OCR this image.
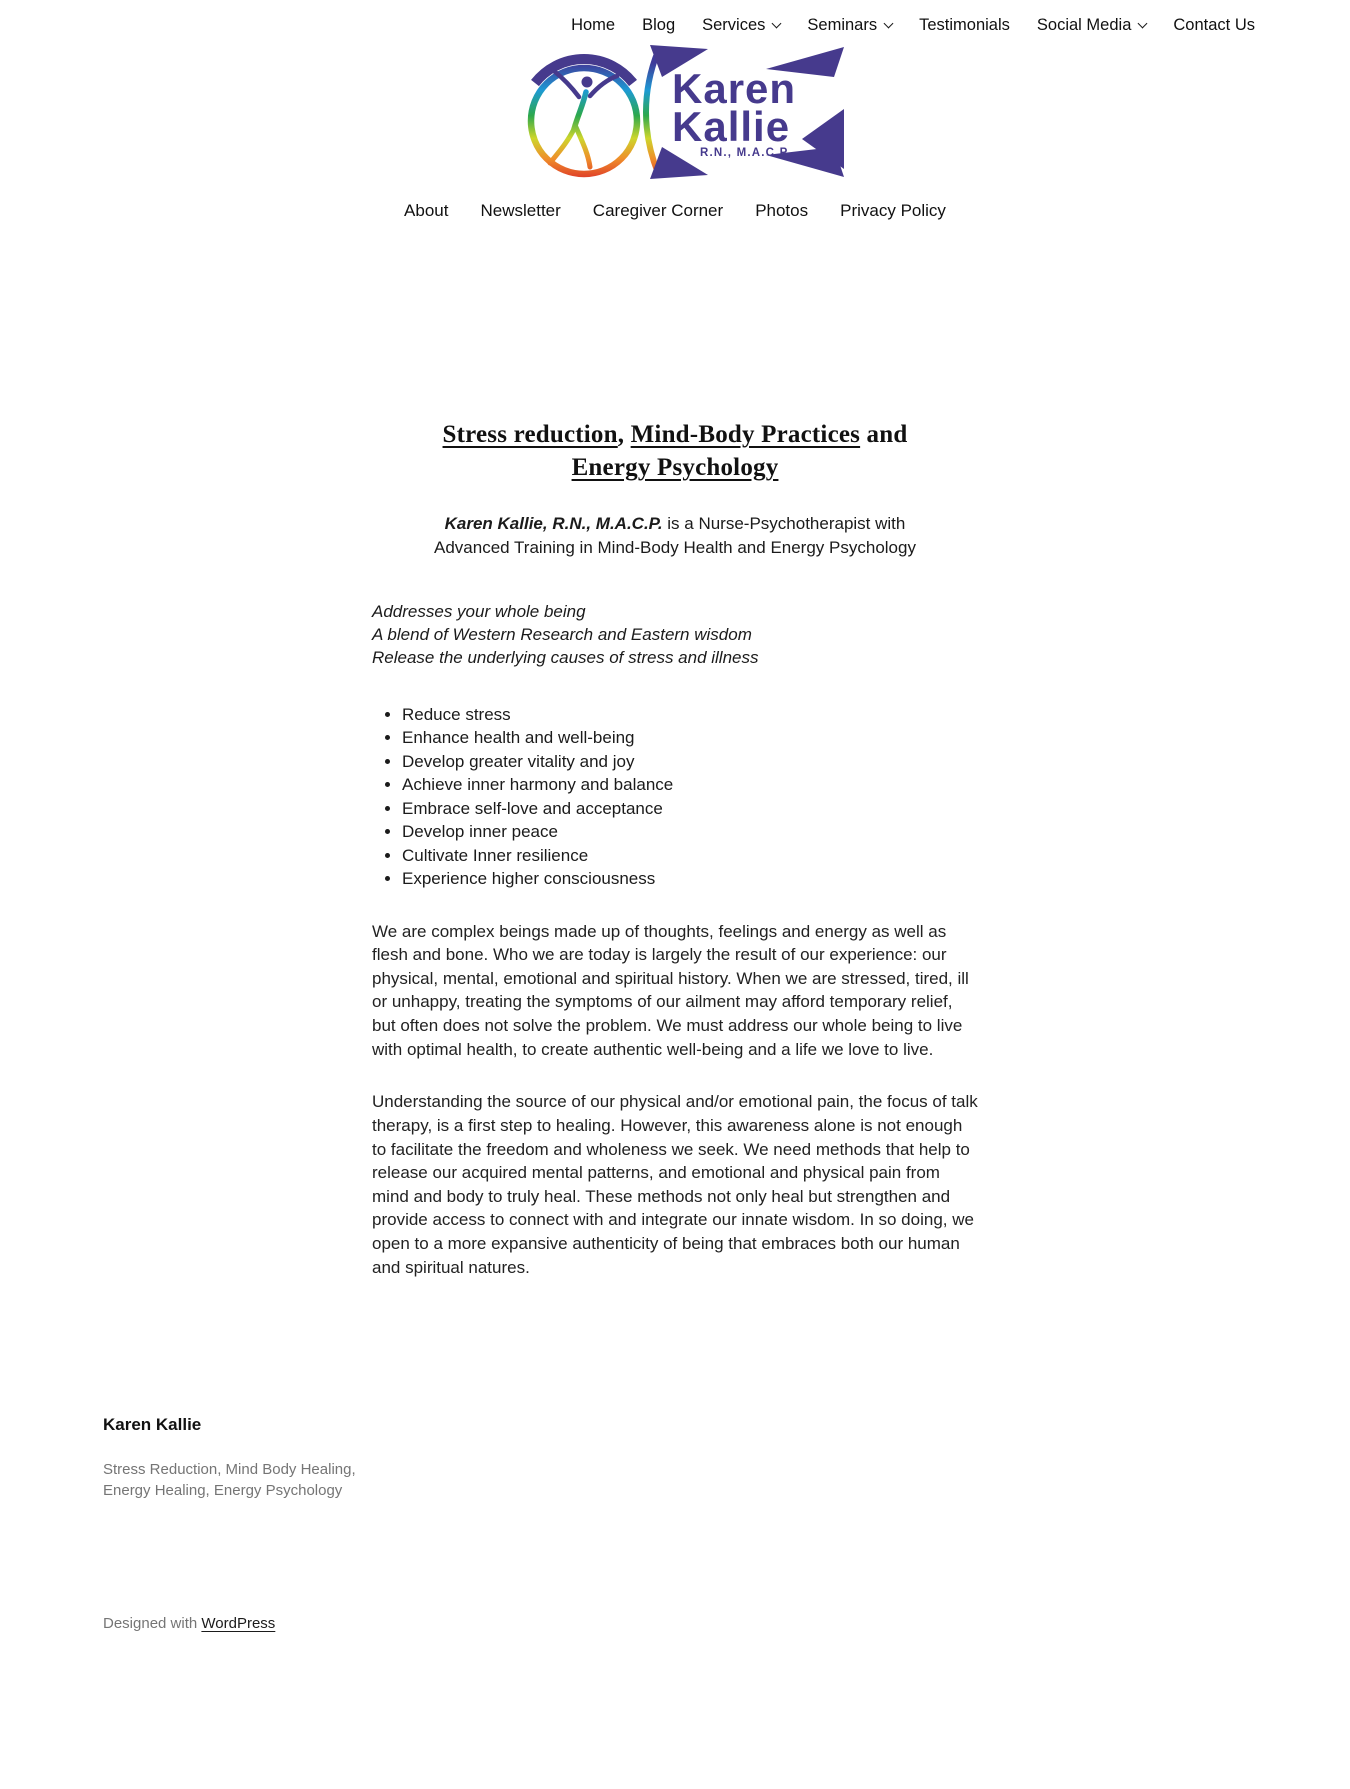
Home Blog Services	Seminars	Testimonials Social Media	Contact Us
Karen
Kallie
R.N., M.A.C.P
About Newsletter Caregiver Corner Photos Privacy Policy
Stress reduction, Mind-Body Practices and Energy Psychology

Karen Kallie, R.N., M.A.C.P. is a Nurse-Psychotherapist with Advanced Training in Mind-Body Health and Energy Psychology

Addresses your whole being
A blend of Western Research and Eastern wisdom
Release the underlying causes of stress and illness
• Reduce stress
• Enhance health and well-being
• Develop greater vitality and joy
• Achieve inner harmony and balance
• Embrace self-love and acceptance
• Develop inner peace
• Cultivate Inner resilience
• Experience higher consciousness

We are complex beings made up of thoughts, feelings and energy as well as flesh and bone. Who we are today is largely the result of our experience: our physical, mental, emotional and spiritual history. When we are stressed, tired, ill or unhappy, treating the symptoms of our ailment may afford temporary relief, but often does not solve the problem. We must address our whole being to live with optimal health, to create authentic well-being and a life we love to live.

Understanding the source of our physical and/or emotional pain, the focus of talk therapy, is a first step to healing. However, this awareness alone is not enough to facilitate the freedom and wholeness we seek. We need methods that help to release our acquired mental patterns, and emotional and physical pain from mind and body to truly heal. These methods not only heal but strengthen and provide access to connect with and integrate our innate wisdom. In so doing, we open to a more expansive authenticity of being that embraces both our human and spiritual natures.

Karen Kallie
Stress Reduction, Mind Body Healing, Energy Healing, Energy Psychology
Designed with WordPress
